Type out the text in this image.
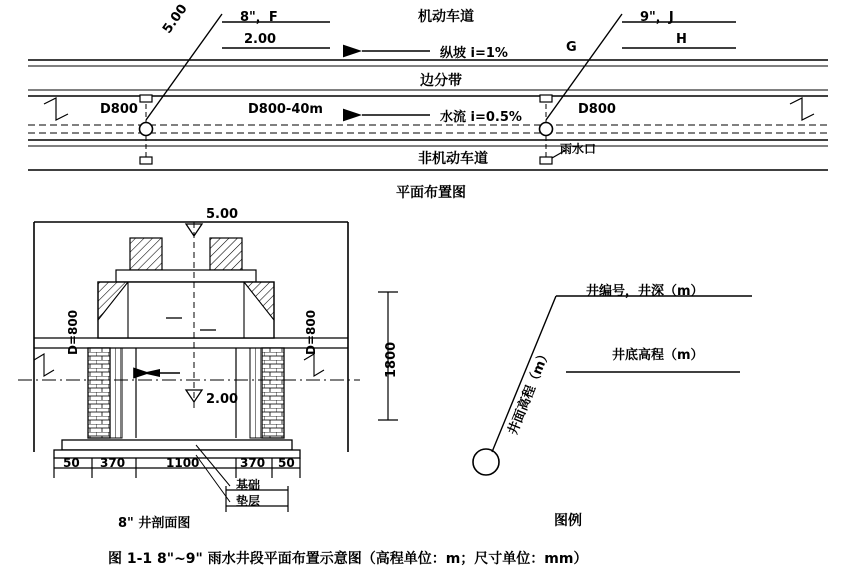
8"，F
5.00
2.00
机动车道
纵坡 i=1%
9"，J
G
H
边分带
D800	D800-40m	D800
水流 i=0.5%
非机动车道
雨水口
平面布置图
5.00
2.00
D=800	D=800
1800
50 370	1100	370 50
基础
垫层
8" 井剖面图
井编号，井深（m）
井底高程（m）
井面高程（m）
图例
图 1-1 8"~9" 雨水井段平面布置示意图（高程单位：m；尺寸单位：mm）
